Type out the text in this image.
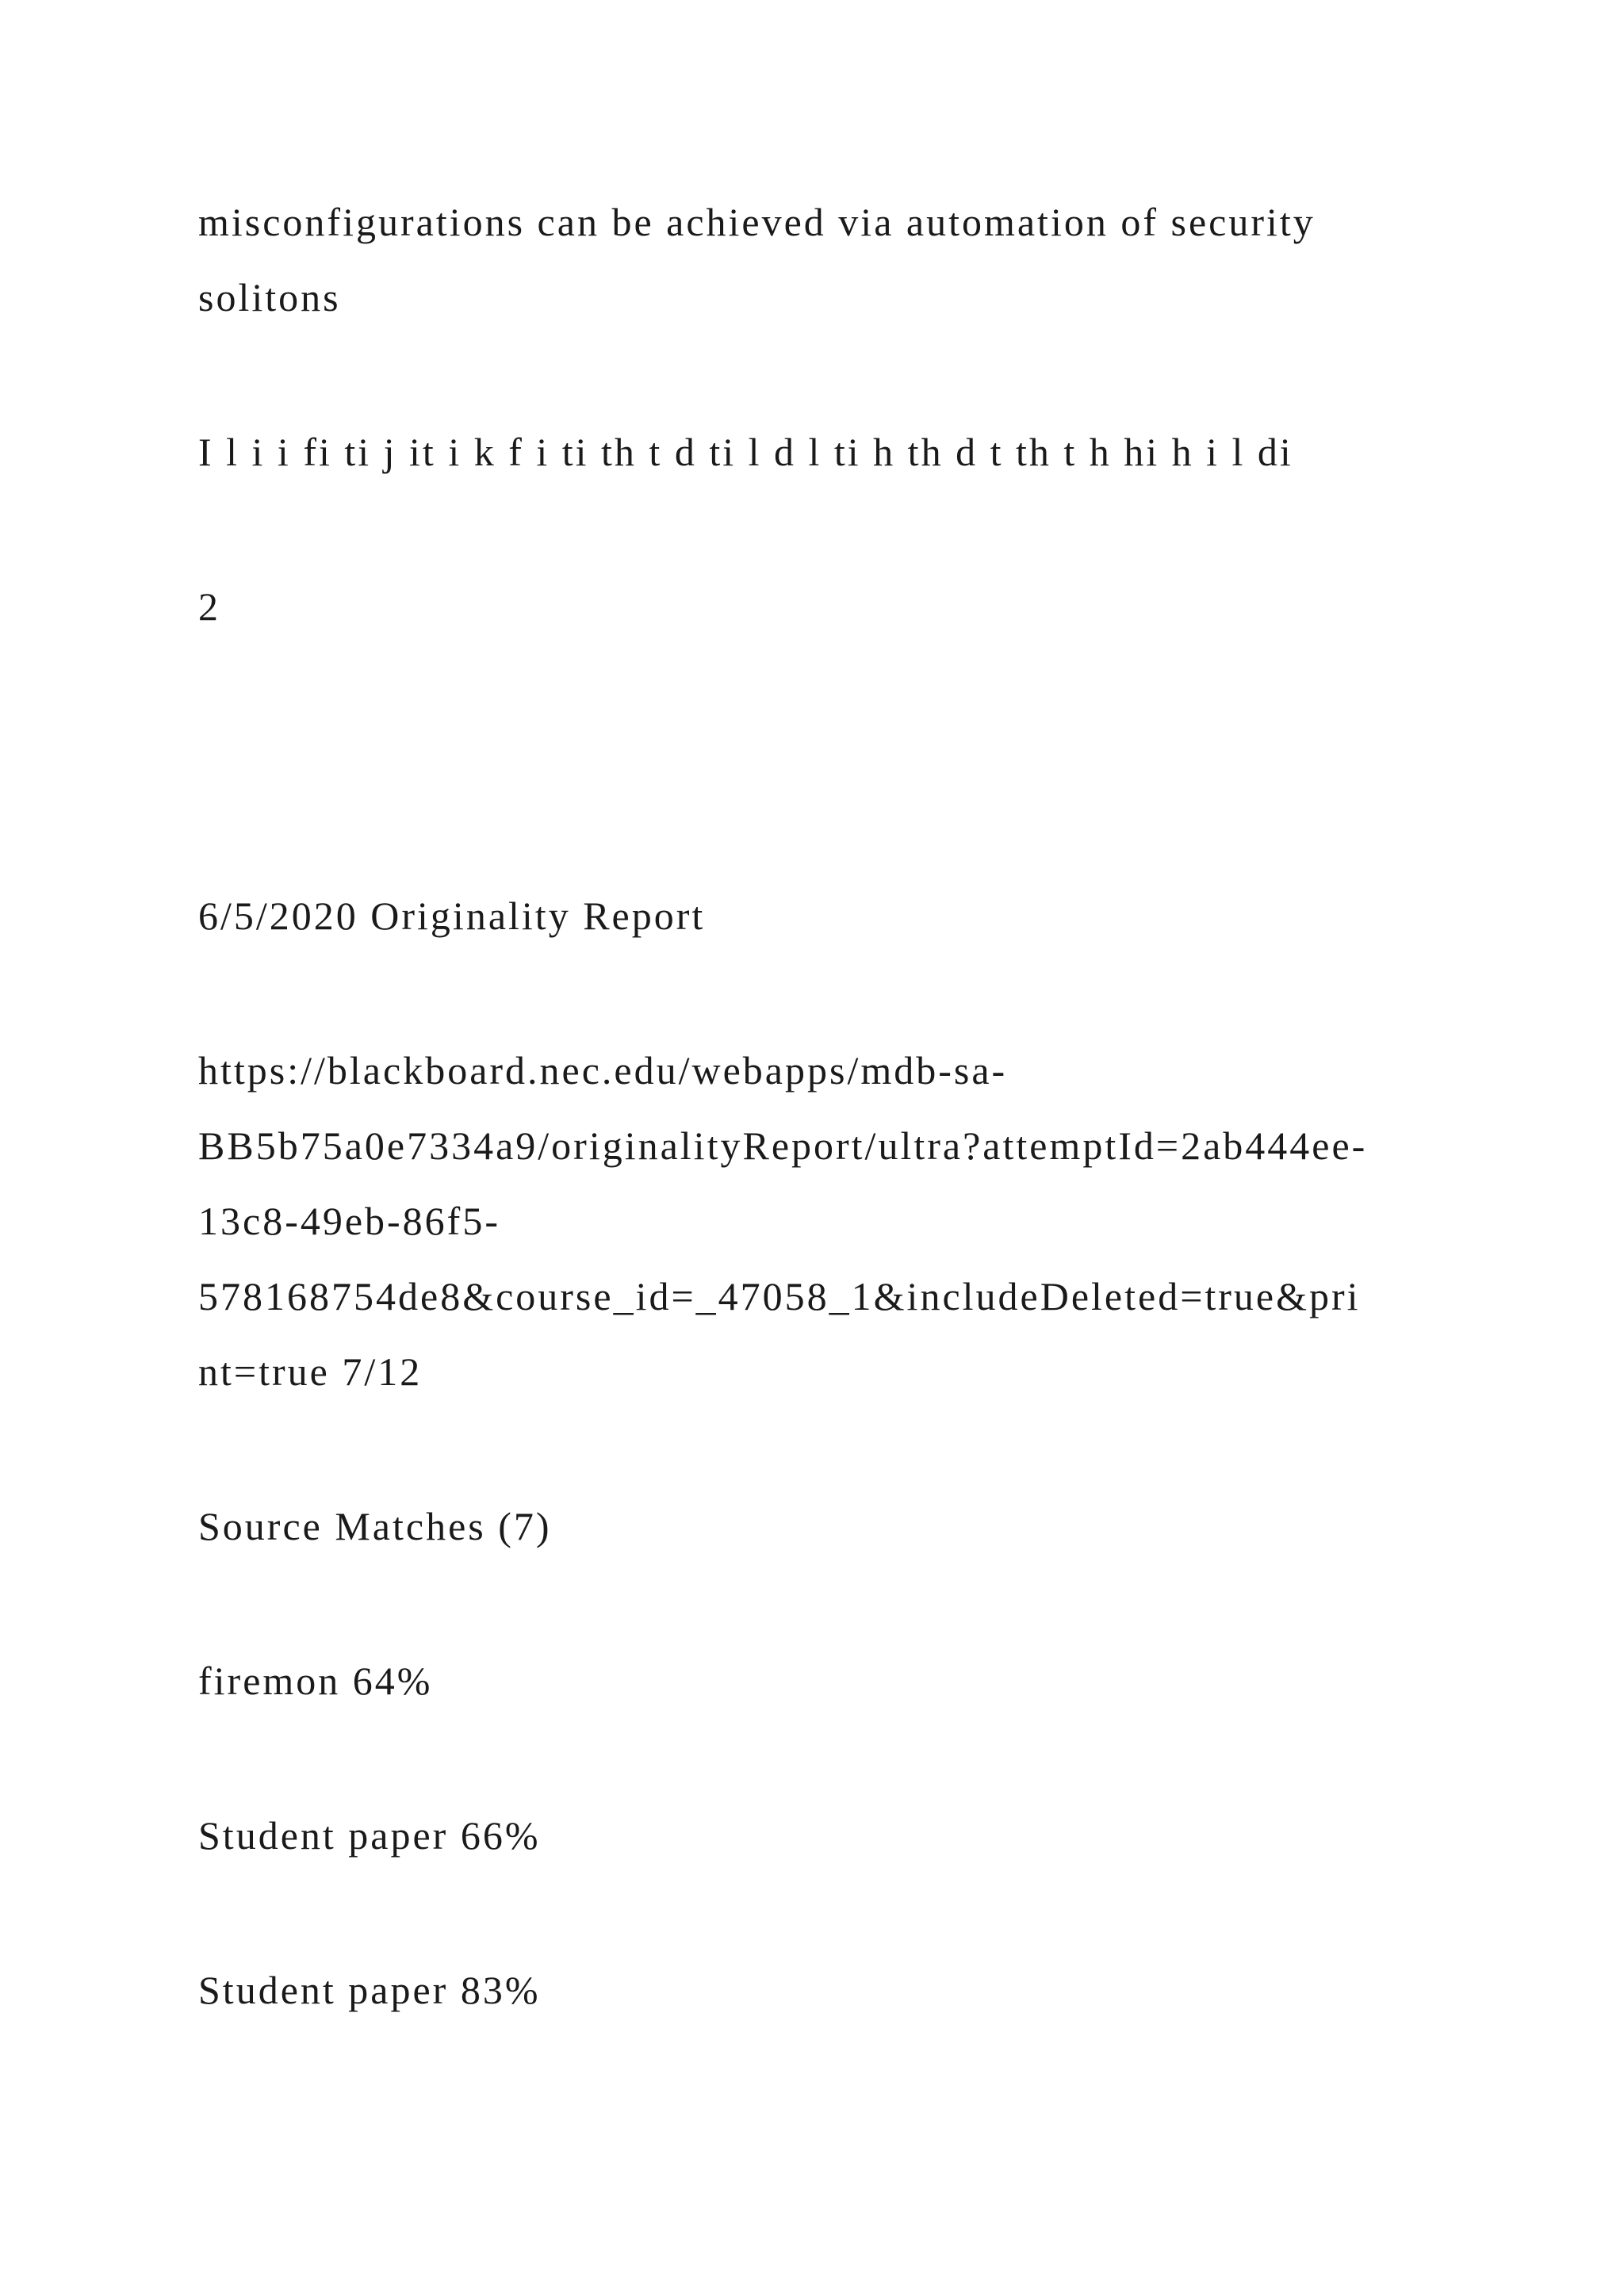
misconfigurations can be achieved via automation of security
solitons
I l i i fi ti j it i k f i ti th t d ti l d l ti h th d t th t h hi h i l di
2
6/5/2020 Originality Report
https://blackboard.nec.edu/webapps/mdb-sa-
BB5b75a0e7334a9/originalityReport/ultra?attemptId=2ab444ee-
13c8-49eb-86f5-
578168754de8&course_id=_47058_1&includeDeleted=true&pri
nt=true 7/12
Source Matches (7)
firemon 64%
Student paper 66%
Student paper 83%
